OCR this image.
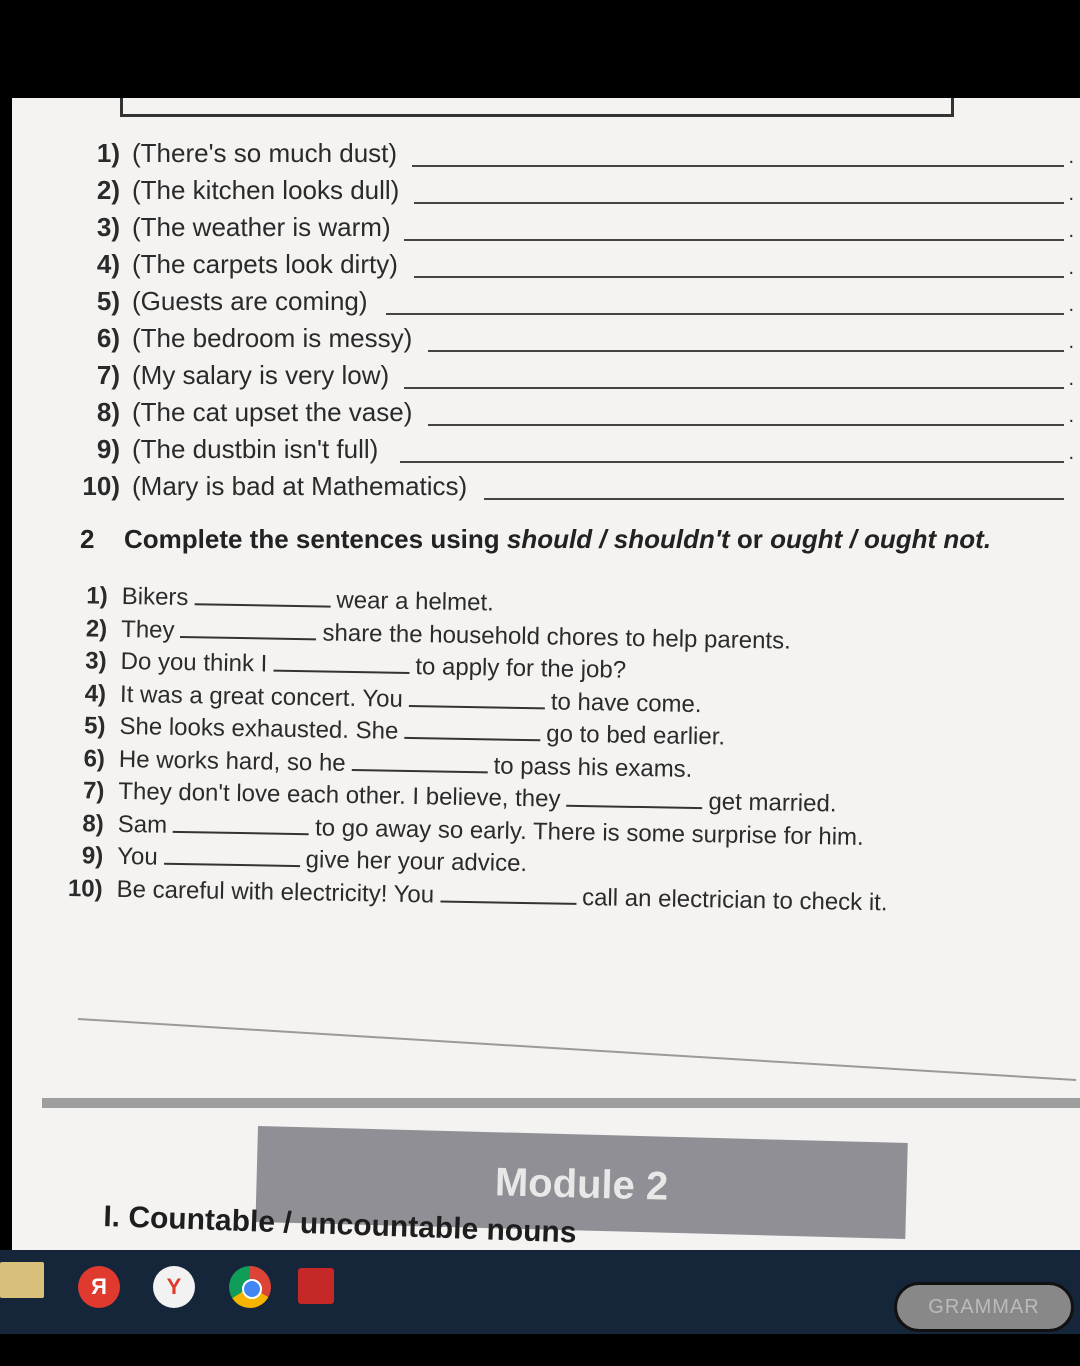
1) (There's so much dust)	.
2) (The kitchen looks dull)	.
3) (The weather is warm)	.
4) (The carpets look dirty)	.
5) (Guests are coming)	.
6) (The bedroom is messy)	.
7) (My salary is very low)	.
8) (The cat upset the vase)	.
9) (The dustbin isn't full)	.
10) (Mary is bad at Mathematics)
2 Complete the sentences using should / shouldn't or ought / ought not.
1) Bikers	wear a helmet.
2) They	share the household chores to help parents.
3) Do you think I	to apply for the job?
4) It was a great concert. You	to have come.
5) She looks exhausted. She	go to bed earlier.
6) He works hard, so he	to pass his exams.
7) They don't love each other. I believe, they	get married.
8) Sam	to go away so early. There is some surprise for him.
9) You	give her your advice.
10) Be careful with electricity! You	call an electrician to check it.
Module 2
I. Countable / uncountable nouns
Я	Y
GRAMMAR
